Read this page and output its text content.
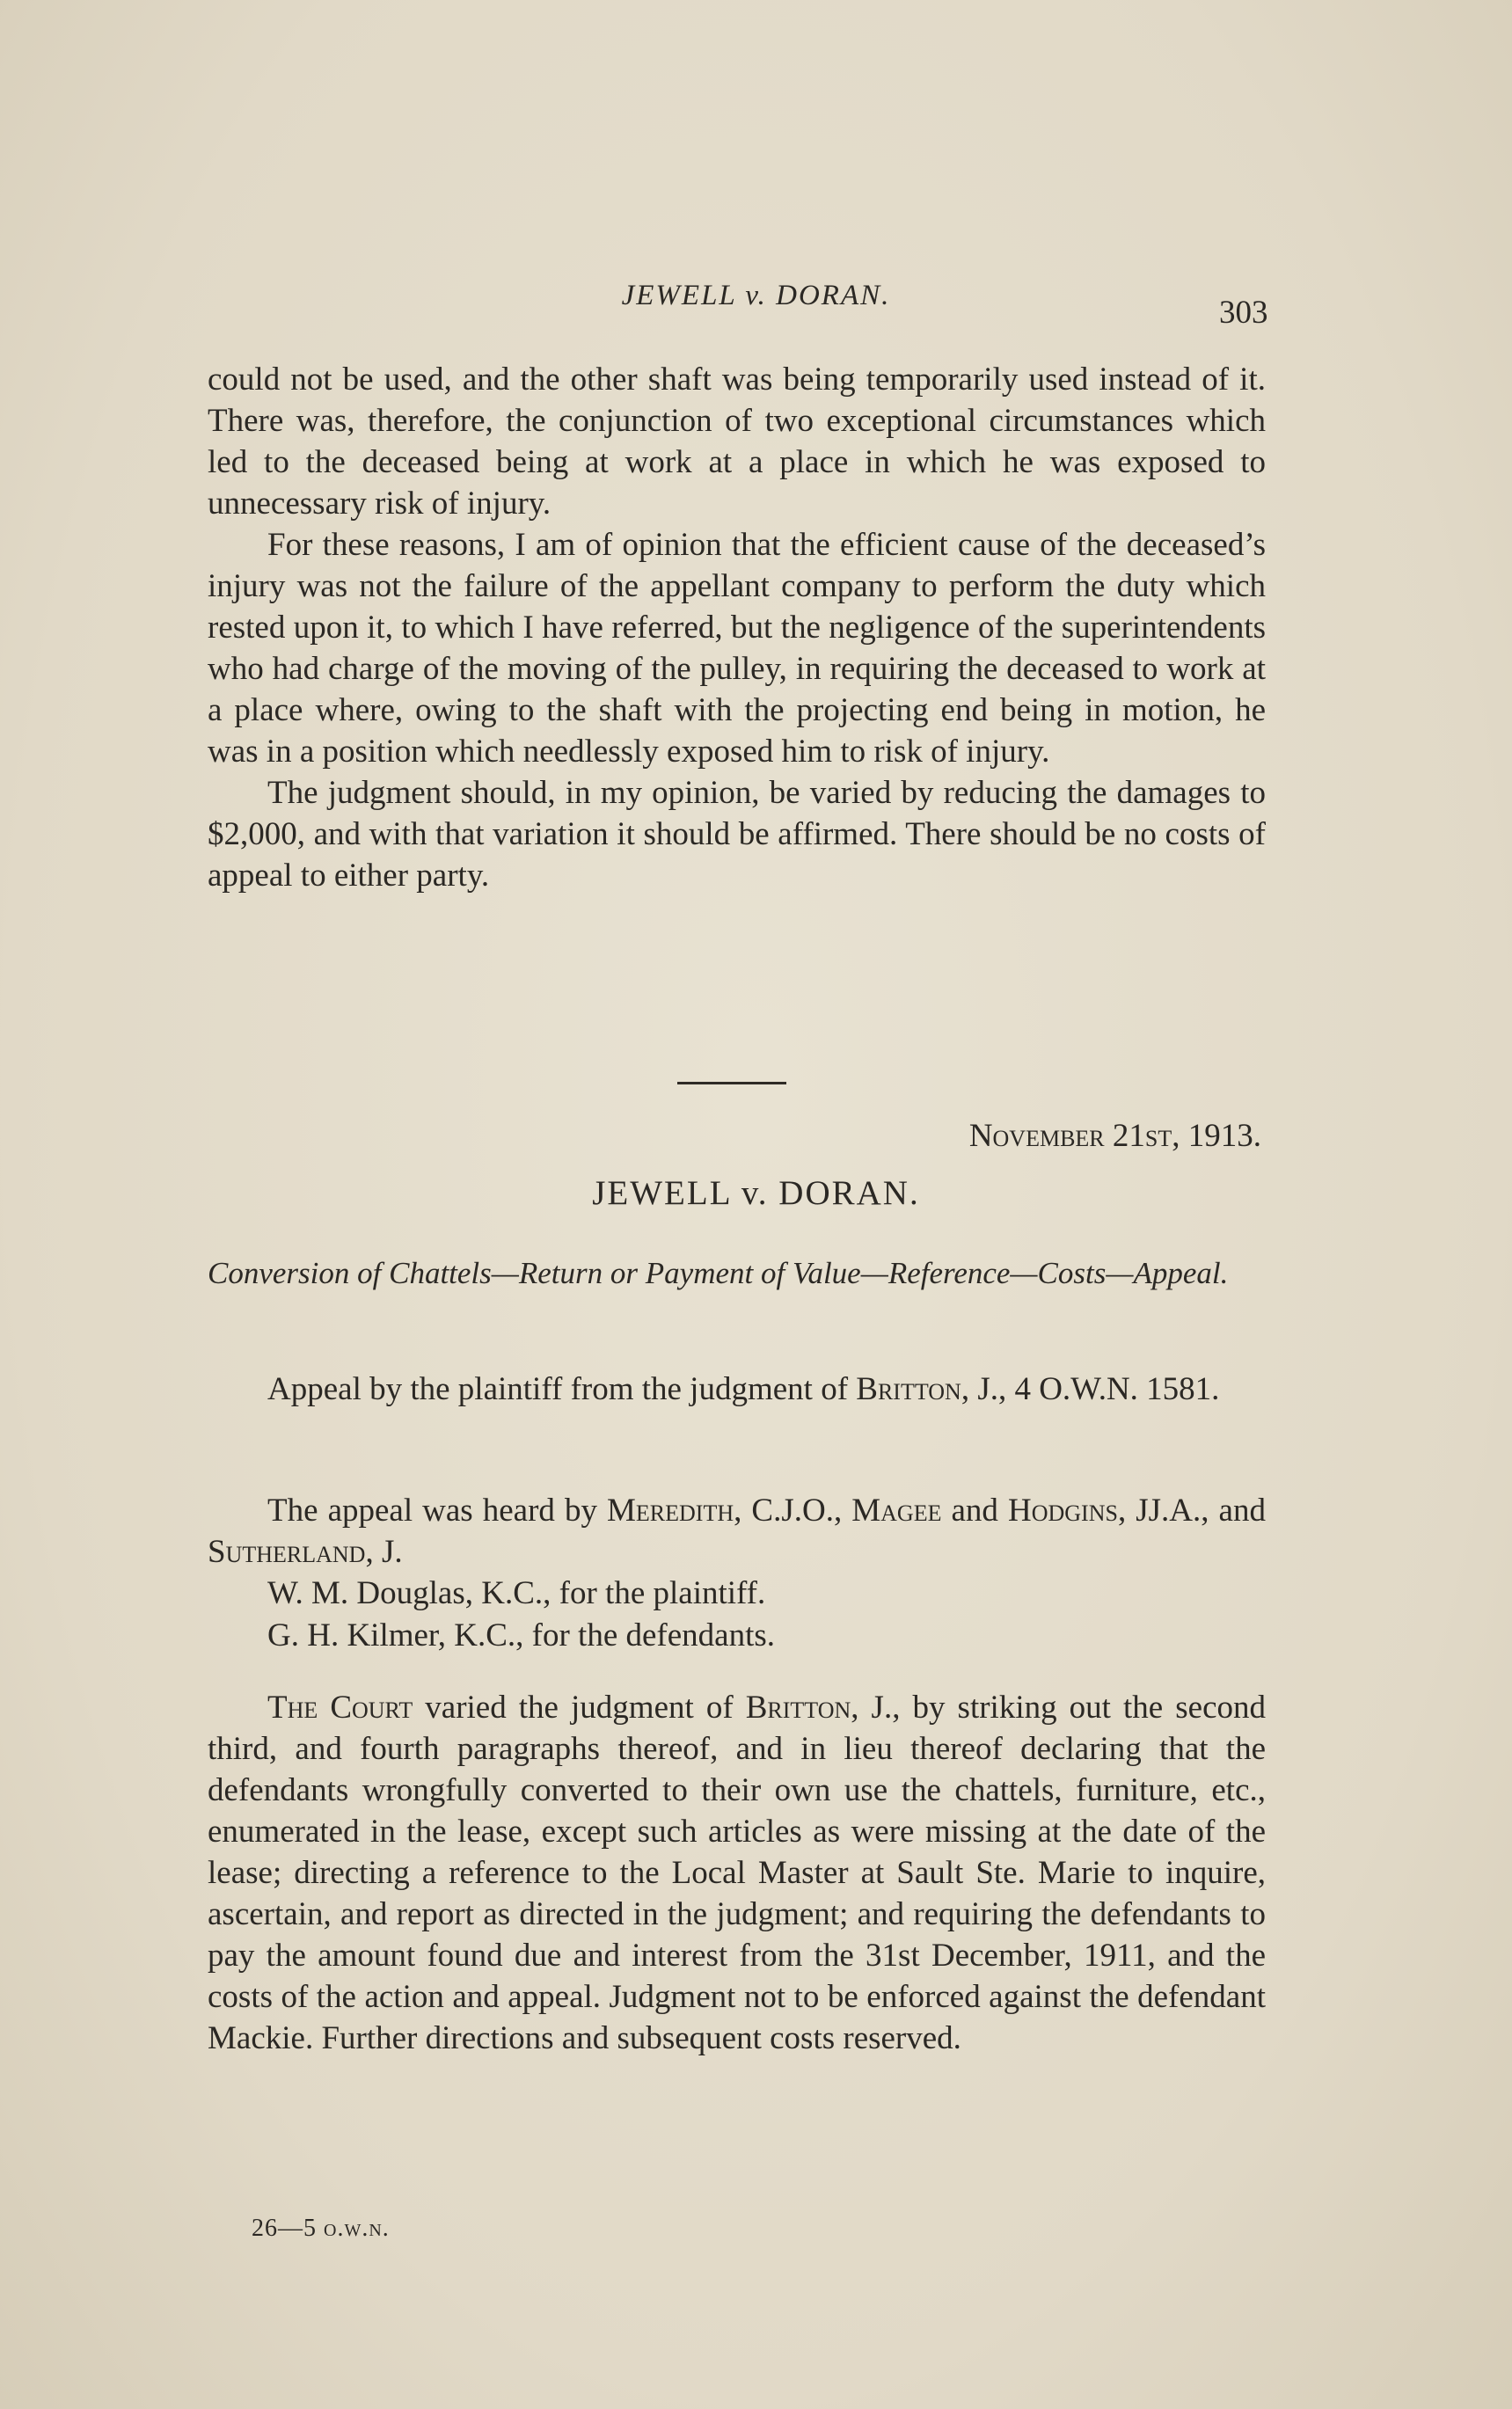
JEWELL v. DORAN.	303

could not be used, and the other shaft was being temporarily used instead of it. There was, therefore, the conjunction of two exceptional circumstances which led to the deceased being at work at a place in which he was exposed to unnecessary risk of injury.

For these reasons, I am of opinion that the efficient cause of the deceased’s injury was not the failure of the appellant company to perform the duty which rested upon it, to which I have referred, but the negligence of the superintendents who had charge of the moving of the pulley, in requiring the deceased to work at a place where, owing to the shaft with the projecting end being in motion, he was in a position which needlessly exposed him to risk of injury.

The judgment should, in my opinion, be varied by reducing the damages to $2,000, and with that variation it should be affirmed. There should be no costs of appeal to either party.

November 21st, 1913.
JEWELL v. DORAN.

Conversion of Chattels—Return or Payment of Value—Reference—Costs—Appeal.

Appeal by the plaintiff from the judgment of Britton, J., 4 O.W.N. 1581.

The appeal was heard by Meredith, C.J.O., Magee and Hodgins, JJ.A., and Sutherland, J.

W. M. Douglas, K.C., for the plaintiff.

G. H. Kilmer, K.C., for the defendants.

The Court varied the judgment of Britton, J., by striking out the second third, and fourth paragraphs thereof, and in lieu thereof declaring that the defendants wrongfully converted to their own use the chattels, furniture, etc., enumerated in the lease, except such articles as were missing at the date of the lease; directing a reference to the Local Master at Sault Ste. Marie to inquire, ascertain, and report as directed in the judgment; and requiring the defendants to pay the amount found due and interest from the 31st December, 1911, and the costs of the action and appeal. Judgment not to be enforced against the defendant Mackie. Further directions and subsequent costs reserved.

26—5 o.w.n.
